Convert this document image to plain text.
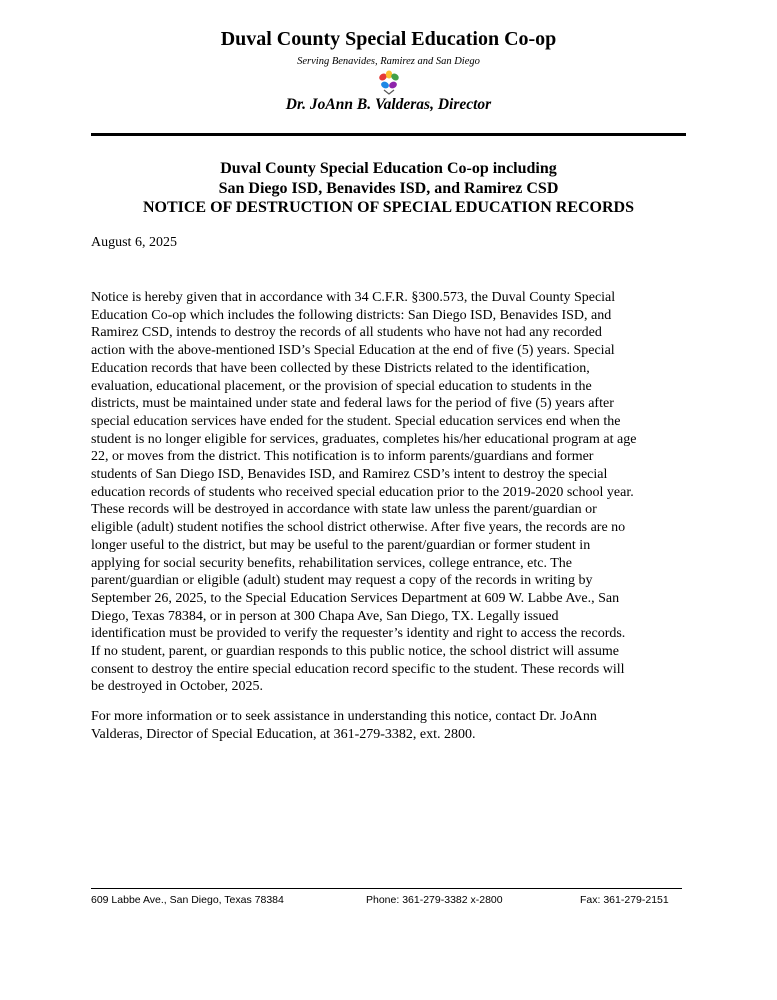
Duval County Special Education Co-op
Serving Benavides, Ramirez and San Diego
Dr. JoAnn B. Valderas, Director
Duval County Special Education Co-op including
San Diego ISD, Benavides ISD, and Ramirez CSD
NOTICE OF DESTRUCTION OF SPECIAL EDUCATION RECORDS
August 6, 2025
Notice is hereby given that in accordance with 34 C.F.R. §300.573, the Duval County Special
Education Co-op which includes the following districts: San Diego ISD, Benavides ISD, and
Ramirez CSD, intends to destroy the records of all students who have not had any recorded
action with the above-mentioned ISD’s Special Education at the end of five (5) years. Special
Education records that have been collected by these Districts related to the identification,
evaluation, educational placement, or the provision of special education to students in the
districts, must be maintained under state and federal laws for the period of five (5) years after
special education services have ended for the student. Special education services end when the
student is no longer eligible for services, graduates, completes his/her educational program at age
22, or moves from the district. This notification is to inform parents/guardians and former
students of San Diego ISD, Benavides ISD, and Ramirez CSD’s intent to destroy the special
education records of students who received special education prior to the 2019-2020 school year.
These records will be destroyed in accordance with state law unless the parent/guardian or
eligible (adult) student notifies the school district otherwise. After five years, the records are no
longer useful to the district, but may be useful to the parent/guardian or former student in
applying for social security benefits, rehabilitation services, college entrance, etc. The
parent/guardian or eligible (adult) student may request a copy of the records in writing by
September 26, 2025, to the Special Education Services Department at 609 W. Labbe Ave., San
Diego, Texas 78384, or in person at 300 Chapa Ave, San Diego, TX. Legally issued
identification must be provided to verify the requester’s identity and right to access the records.
If no student, parent, or guardian responds to this public notice, the school district will assume
consent to destroy the entire special education record specific to the student. These records will
be destroyed in October, 2025.
For more information or to seek assistance in understanding this notice, contact Dr. JoAnn
Valderas, Director of Special Education, at 361-279-3382, ext. 2800.
609 Labbe Ave., San Diego, Texas 78384	Phone: 361-279-3382 x-2800	Fax: 361-279-2151
